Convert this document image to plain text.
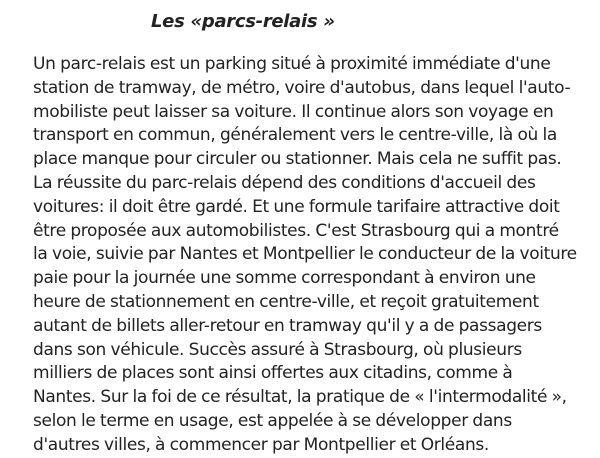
Les «parcs-relais »
Un parc-relais est un parking situé à proximité immédiate d'une
station de tramway, de métro, voire d'autobus, dans lequel l'auto-
mobiliste peut laisser sa voiture. Il continue alors son voyage en
transport en commun, généralement vers le centre-ville, là où la
place manque pour circuler ou stationner. Mais cela ne suffit pas.
La réussite du parc-relais dépend des conditions d'accueil des
voitures: il doit être gardé. Et une formule tarifaire attractive doit
être proposée aux automobilistes. C'est Strasbourg qui a montré
la voie, suivie par Nantes et Montpellier le conducteur de la voiture
paie pour la journée une somme correspondant à environ une
heure de stationnement en centre-ville, et reçoit gratuitement
autant de billets aller-retour en tramway qu'il y a de passagers
dans son véhicule. Succès assuré à Strasbourg, où plusieurs
milliers de places sont ainsi offertes aux citadins, comme à
Nantes. Sur la foi de ce résultat, la pratique de « l'intermodalité »,
selon le terme en usage, est appelée à se développer dans
d'autres villes, à commencer par Montpellier et Orléans.
